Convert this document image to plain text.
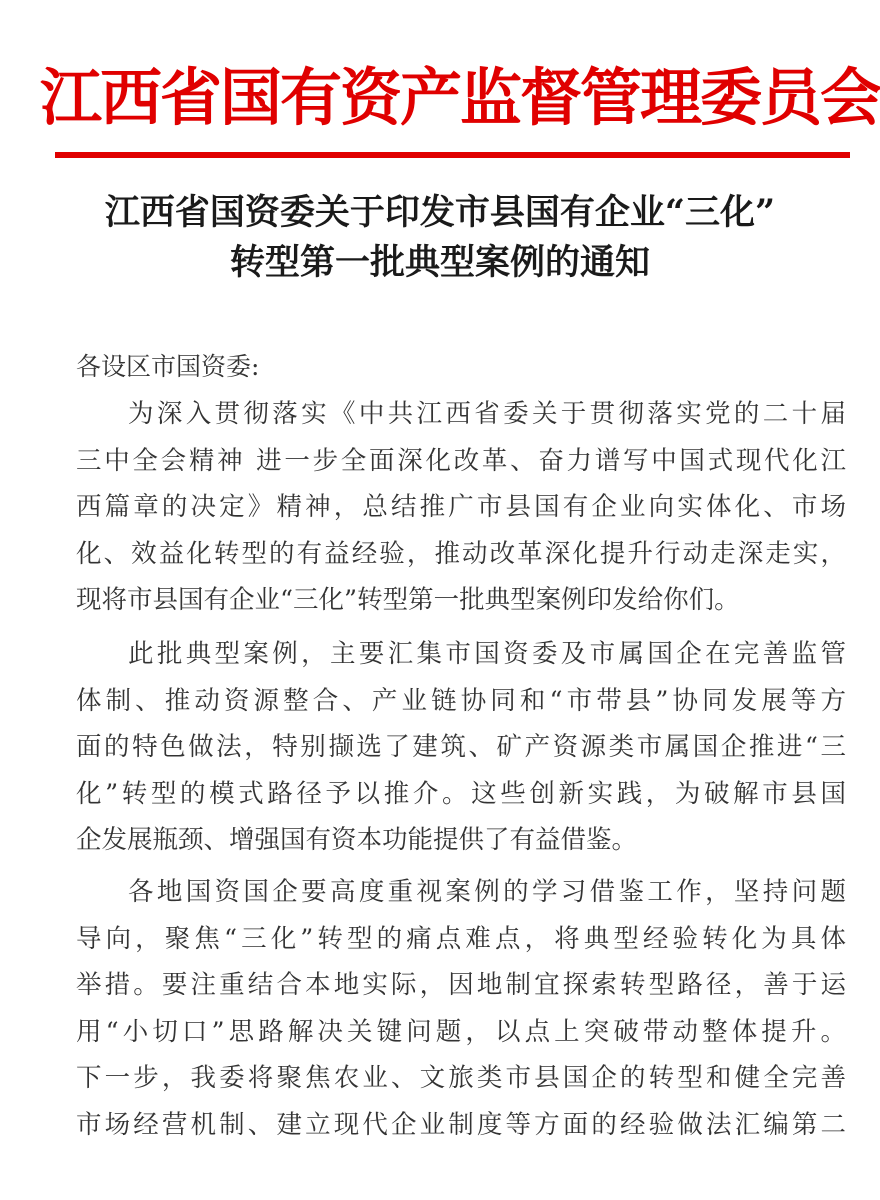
江西省国有资产监督管理委员会
江西省国资委关于印发市县国有企业“三化”
转型第一批典型案例的通知
各设区市国资委:
为深入贯彻落实《中共江西省委关于贯彻落实党的二十届
三中全会精神 进一步全面深化改革、奋力谱写中国式现代化江
西篇章的决定》精神，总结推广市县国有企业向实体化、市场
化、效益化转型的有益经验，推动改革深化提升行动走深走实，
现将市县国有企业“三化”转型第一批典型案例印发给你们。
此批典型案例，主要汇集市国资委及市属国企在完善监管
体制、推动资源整合、产业链协同和“市带县”协同发展等方
面的特色做法，特别撷选了建筑、矿产资源类市属国企推进“三
化”转型的模式路径予以推介。这些创新实践，为破解市县国
企发展瓶颈、增强国有资本功能提供了有益借鉴。
各地国资国企要高度重视案例的学习借鉴工作，坚持问题
导向，聚焦“三化”转型的痛点难点，将典型经验转化为具体
举措。要注重结合本地实际，因地制宜探索转型路径，善于运
用“小切口”思路解决关键问题，以点上突破带动整体提升。
下一步，我委将聚焦农业、文旅类市县国企的转型和健全完善
市场经营机制、建立现代企业制度等方面的经验做法汇编第二
